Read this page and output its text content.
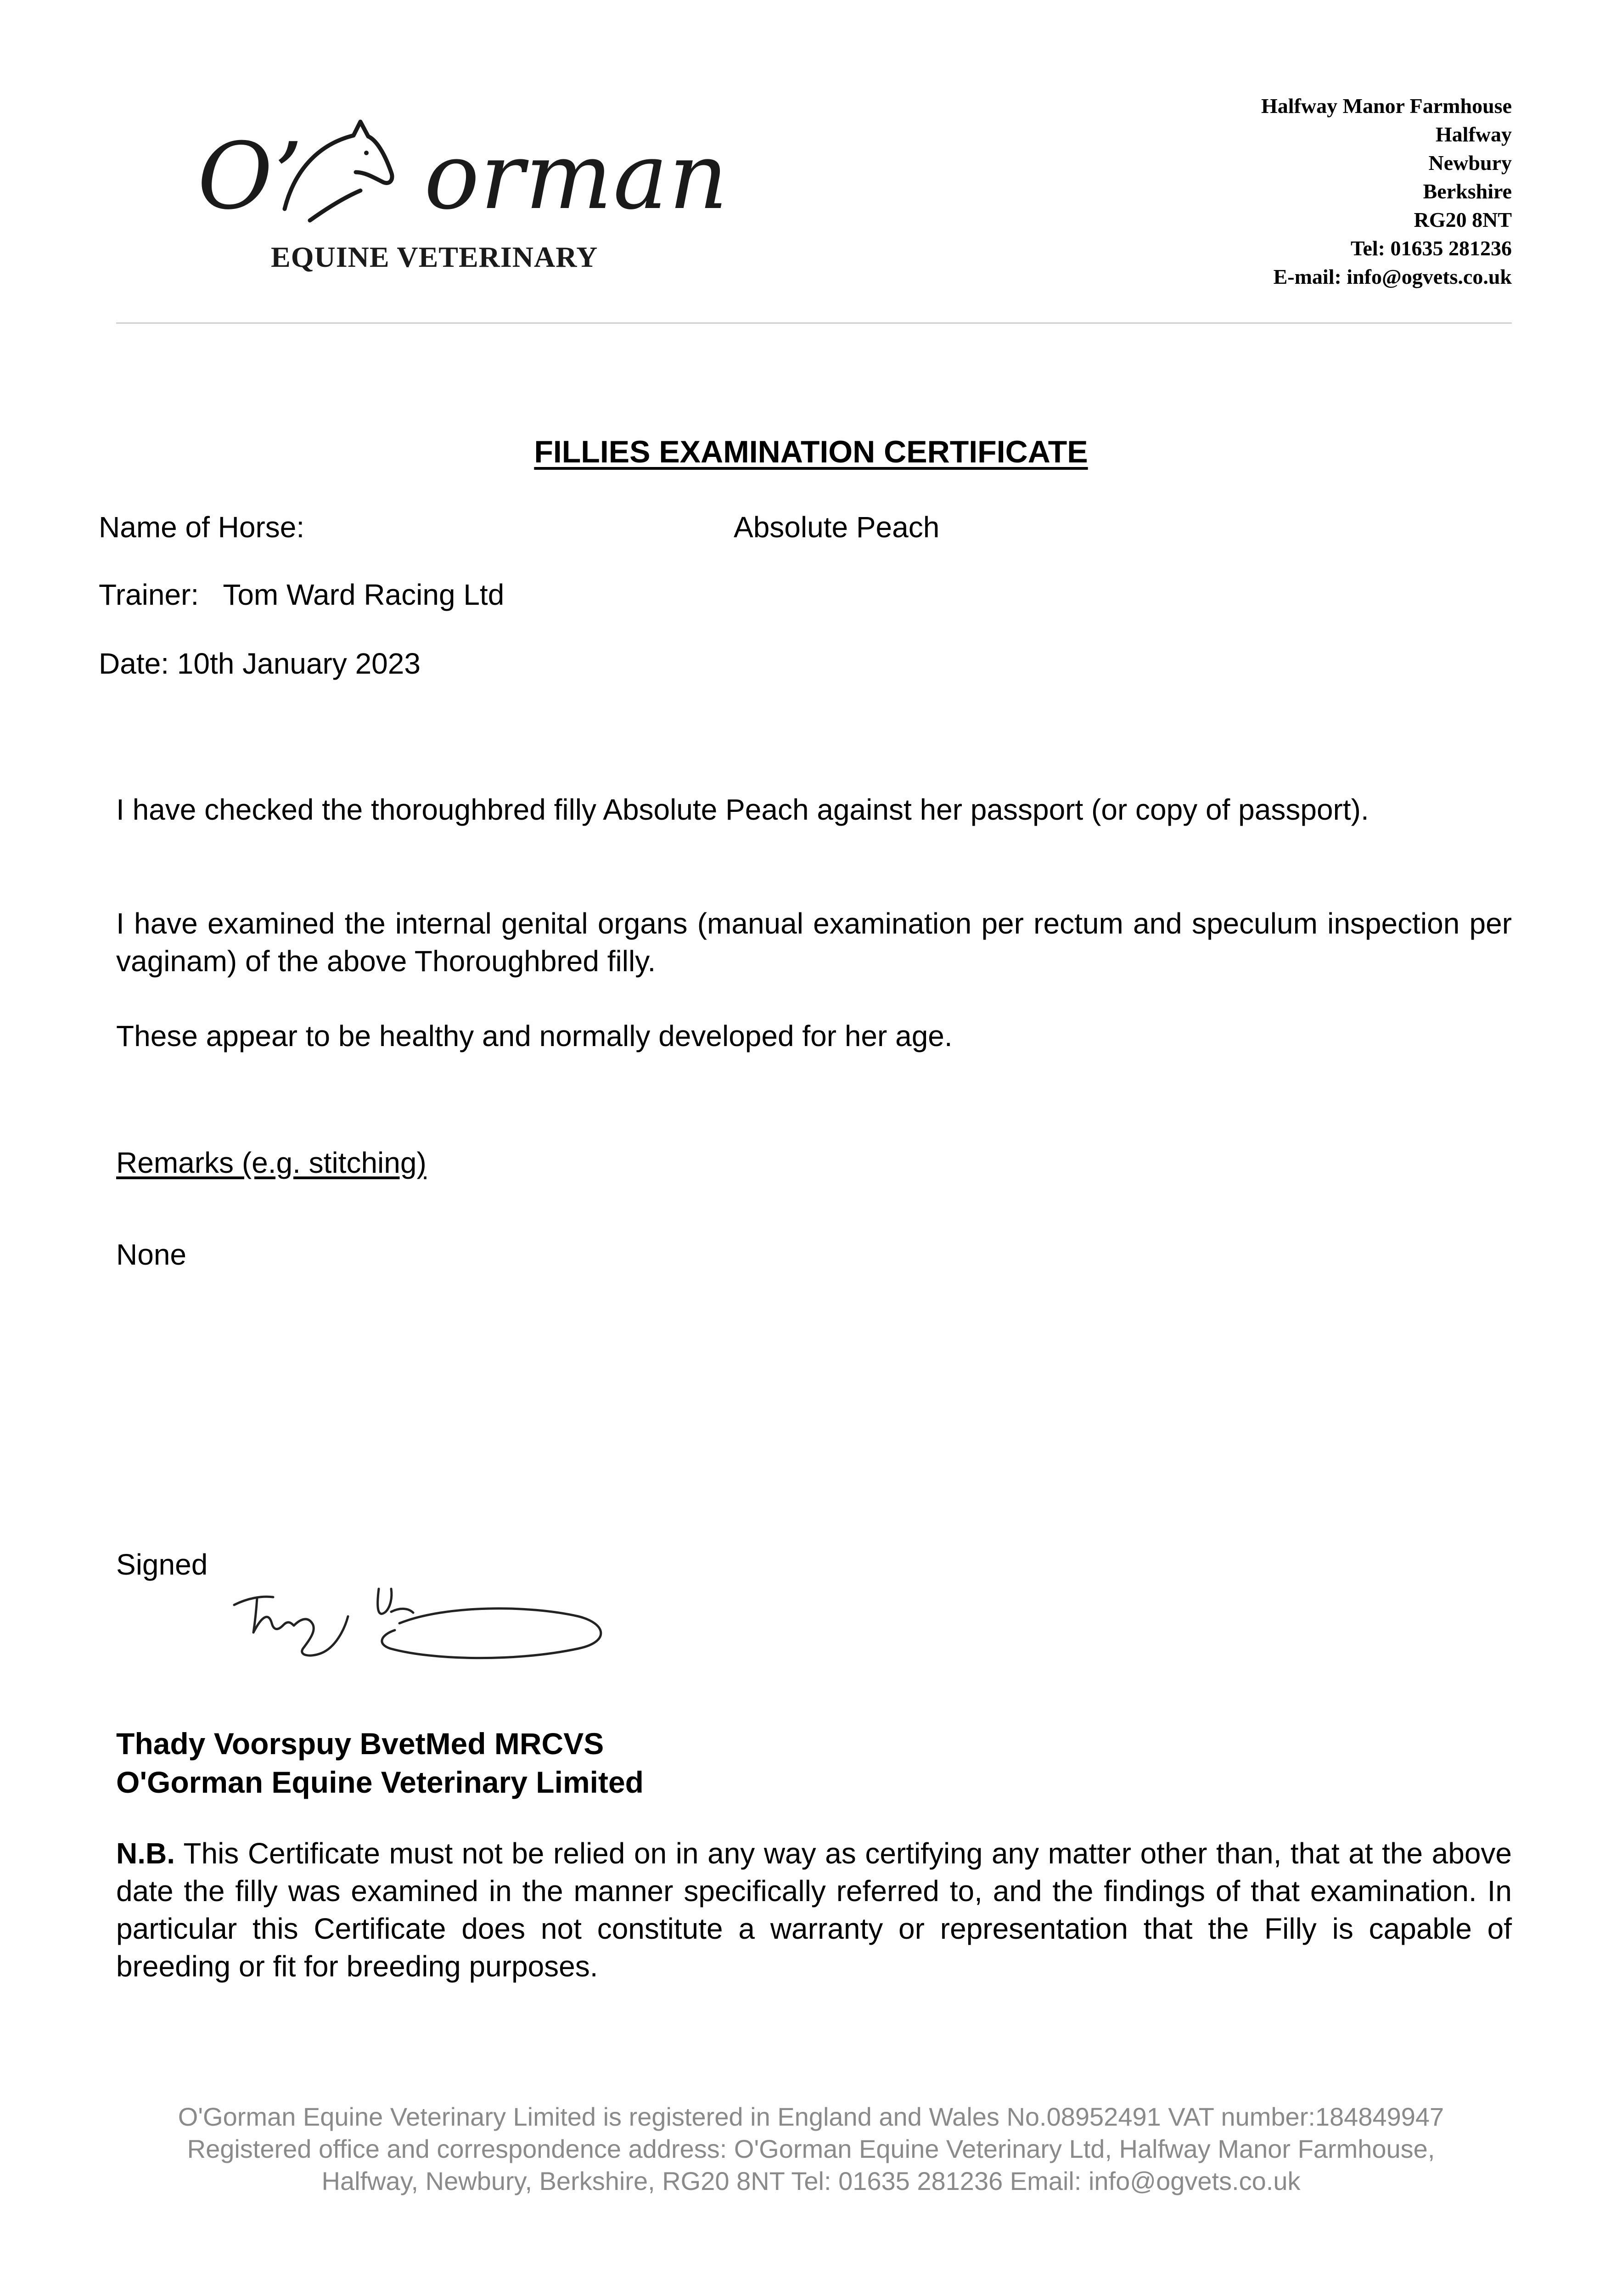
O’    orman
EQUINE VETERINARY
Halfway Manor Farmhouse
Halfway
Newbury
Berkshire
RG20 8NT
Tel: 01635 281236
E-mail: info@ogvets.co.uk
FILLIES EXAMINATION CERTIFICATE
Name of Horse:	Absolute Peach
Trainer:   Tom Ward Racing Ltd
Date: 10th January 2023
I have checked the thoroughbred filly Absolute Peach against her passport (or copy of passport).
I have examined the internal genital organs (manual examination per rectum and speculum inspection per vaginam) of the above Thoroughbred filly.
These appear to be healthy and normally developed for her age.
Remarks (e.g. stitching)
None
Signed
Thady Voorspuy BvetMed MRCVS
O'Gorman Equine Veterinary Limited
N.B. This Certificate must not be relied on in any way as certifying any matter other than, that at the above date the filly was examined in the manner specifically referred to, and the findings of that examination. In particular this Certificate does not constitute a warranty or representation that the Filly is capable of breeding or fit for breeding purposes.
O'Gorman Equine Veterinary Limited is registered in England and Wales No.08952491 VAT number:184849947
Registered office and correspondence address: O'Gorman Equine Veterinary Ltd, Halfway Manor Farmhouse,
Halfway, Newbury, Berkshire, RG20 8NT Tel: 01635 281236 Email: info@ogvets.co.uk
